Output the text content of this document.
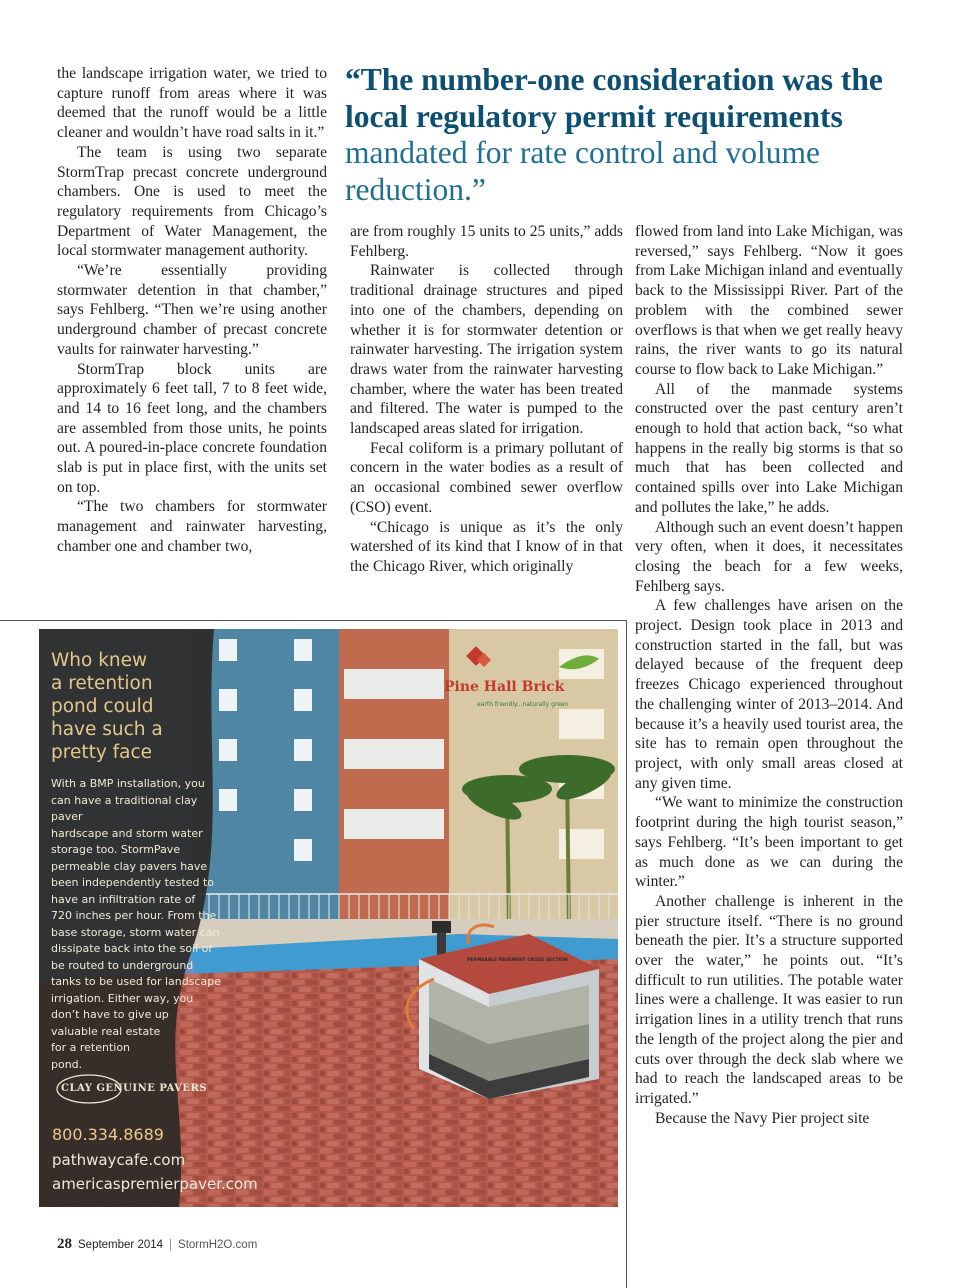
the landscape irrigation water, we tried to capture runoff from areas where it was deemed that the runoff would be a little cleaner and wouldn’t have road salts in it.”

The team is using two separate StormTrap precast concrete underground chambers. One is used to meet the regulatory requirements from Chicago’s Department of Water Management, the local stormwater management authority.

“We’re essentially providing stormwater detention in that chamber,” says Fehlberg. “Then we’re using another underground chamber of precast concrete vaults for rainwater harvesting.”

StormTrap block units are approximately 6 feet tall, 7 to 8 feet wide, and 14 to 16 feet long, and the chambers are assembled from those units, he points out. A poured-in-place concrete foundation slab is put in place first, with the units set on top.

“The two chambers for stormwater management and rainwater harvesting, chamber one and chamber two,

“The number-one consideration was the local regulatory permit requirements mandated for rate control and volume reduction.”

are from roughly 15 units to 25 units,” adds Fehlberg.

Rainwater is collected through traditional drainage structures and piped into one of the chambers, depending on whether it is for stormwater detention or rainwater harvesting. The irrigation system draws water from the rainwater harvesting chamber, where the water has been treated and filtered. The water is pumped to the landscaped areas slated for irrigation.

Fecal coliform is a primary pollutant of concern in the water bodies as a result of an occasional combined sewer overflow (CSO) event.

“Chicago is unique as it’s the only watershed of its kind that I know of in that the Chicago River, which originally

flowed from land into Lake Michigan, was reversed,” says Fehlberg. “Now it goes from Lake Michigan inland and eventually back to the Mississippi River. Part of the problem with the combined sewer overflows is that when we get really heavy rains, the river wants to go its natural course to flow back to Lake Michigan.”

All of the manmade systems constructed over the past century aren’t enough to hold that action back, “so what happens in the really big storms is that so much that has been collected and contained spills over into Lake Michigan and pollutes the lake,” he adds.

Although such an event doesn’t happen very often, when it does, it necessitates closing the beach for a few weeks, Fehlberg says.

A few challenges have arisen on the project. Design took place in 2013 and construction started in the fall, but was delayed because of the frequent deep freezes Chicago experienced throughout the challenging winter of 2013–2014. And because it’s a heavily used tourist area, the site has to remain open throughout the project, with only small areas closed at any given time.

“We want to minimize the construction footprint during the high tourist season,” says Fehlberg. “It’s been important to get as much done as we can during the winter.”

Another challenge is inherent in the pier structure itself. “There is no ground beneath the pier. It’s a structure supported over the water,” he points out. “It’s difficult to run utilities. The potable water lines were a challenge. It was easier to run irrigation lines in a utility trench that runs the length of the project along the pier and cuts over through the deck slab where we had to reach the landscaped areas to be irrigated.”

Because the Navy Pier project site

Who knew
a retention
pond could
have such a
pretty face

With a BMP installation, you
can have a traditional clay paver
hardscape and storm water
storage too. StormPave
permeable clay pavers have
been independently tested to
have an infiltration rate of
720 inches per hour. From the
base storage, storm water can
dissipate back into the soil or
be routed to underground
tanks to be used for landscape
irrigation. Either way, you
don’t have to give up
valuable real estate
for a retention
pond.

Pine Hall Brick
earth friendly...naturally green
PERMEABLE PAVEMENT CROSS SECTION
CLAY GENUINE PAVERS
800.334.8689
pathwaycafe.com
americaspremierpaver.com
28 September 2014 | StormH2O.com
